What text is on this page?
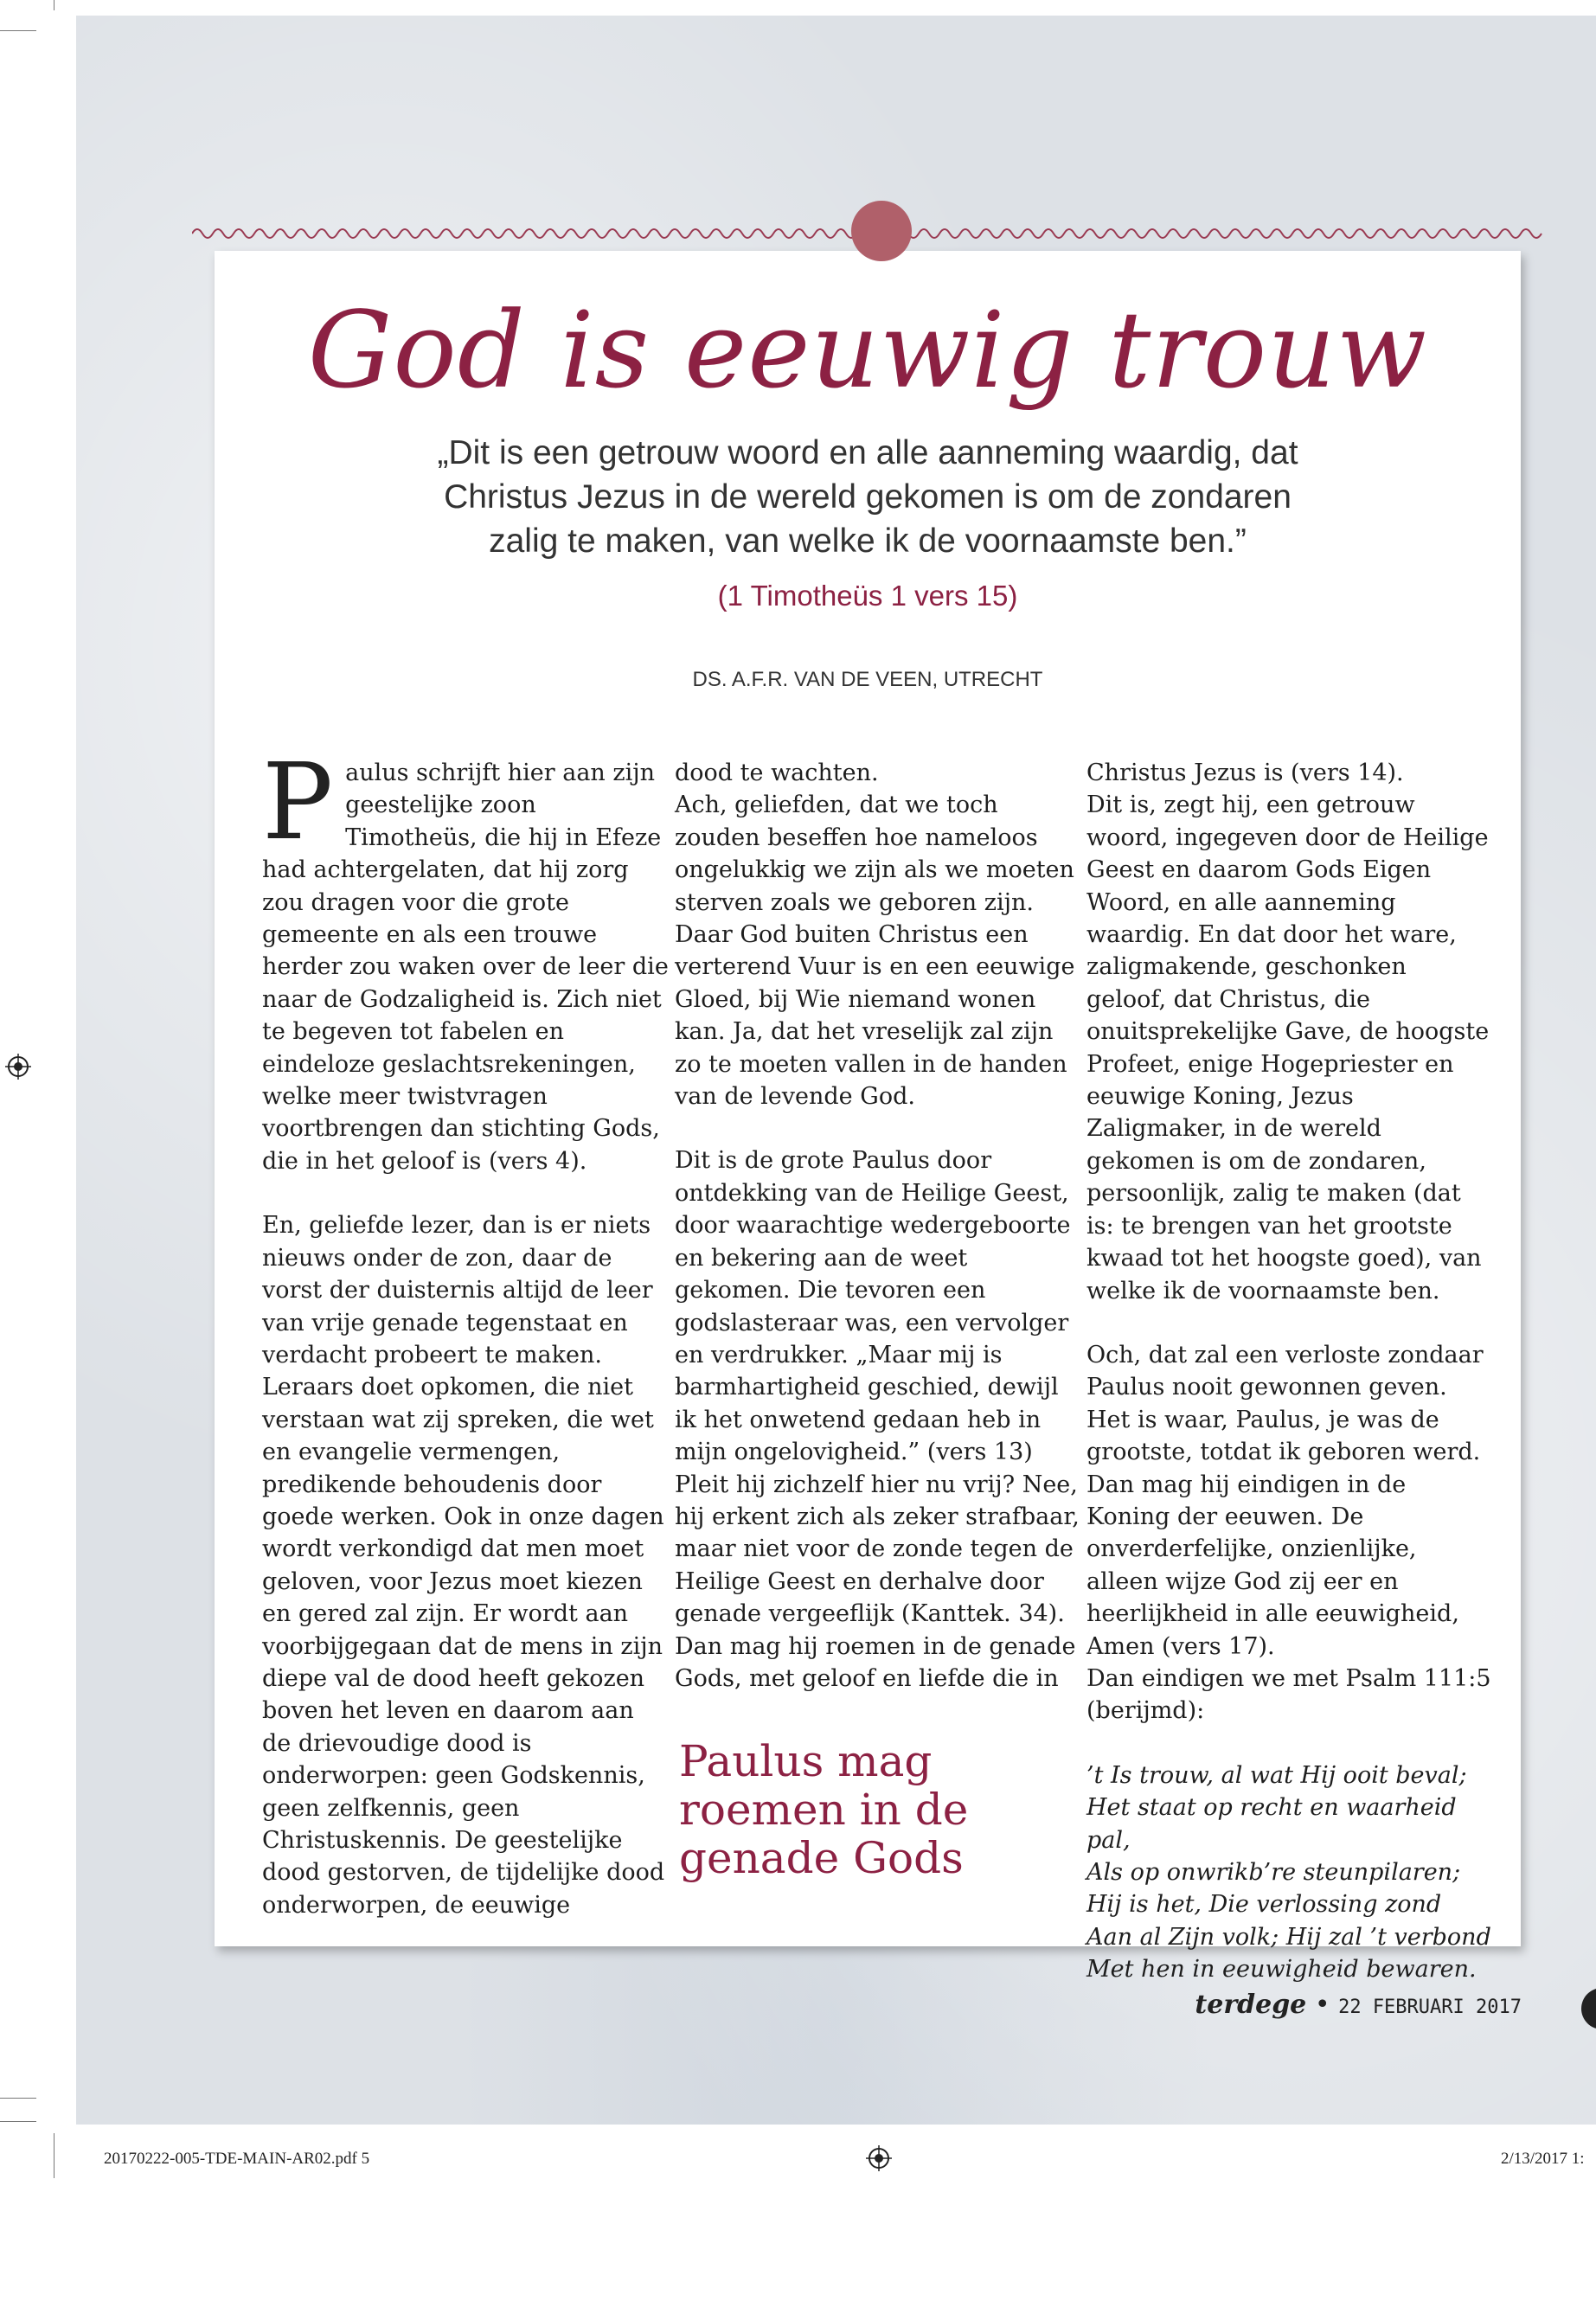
God is eeuwig trouw
„Dit is een getrouw woord en alle aanneming waardig, dat
Christus Jezus in de wereld gekomen is om de zondaren
zalig te maken, van welke ik de voornaamste ben.”
(1 Timotheüs 1 vers 15)
DS. A.F.R. VAN DE VEEN, UTRECHT

Paulus schrijft hier aan zijn geestelijke zoon Timotheüs, die hij in Efeze had achtergelaten, dat hij zorg zou dragen voor die grote gemeente en als een trouwe herder zou waken over de leer die naar de Godzaligheid is. Zich niet te begeven tot fabelen en eindeloze geslachtsrekeningen, welke meer twistvragen voortbrengen dan stichting Gods, die in het geloof is (vers 4).

En, geliefde lezer, dan is er niets nieuws onder de zon, daar de vorst der duisternis altijd de leer van vrije genade tegenstaat en verdacht probeert te maken. Leraars doet opkomen, die niet verstaan wat zij spreken, die wet en evangelie vermengen, predikende behoudenis door goede werken. Ook in onze dagen wordt verkondigd dat men moet geloven, voor Jezus moet kiezen en gered zal zijn. Er wordt aan voorbijgegaan dat de mens in zijn diepe val de dood heeft gekozen boven het leven en daarom aan de drievoudige dood is onderworpen: geen Godskennis, geen zelfkennis, geen Christuskennis. De geestelijke dood gestorven, de tijdelijke dood onderworpen, de eeuwige

dood te wachten.

Ach, geliefden, dat we toch zouden beseffen hoe nameloos ongelukkig we zijn als we moeten sterven zoals we geboren zijn. Daar God buiten Christus een verterend Vuur is en een eeuwige Gloed, bij Wie niemand wonen kan. Ja, dat het vreselijk zal zijn zo te moeten vallen in de handen van de levende God.

Dit is de grote Paulus door ontdekking van de Heilige Geest, door waarachtige wedergeboorte en bekering aan de weet gekomen. Die tevoren een godslasteraar was, een vervolger en verdrukker. „Maar mij is barmhartigheid geschied, dewijl ik het onwetend gedaan heb in mijn ongelovigheid.” (vers 13)

Pleit hij zichzelf hier nu vrij? Nee, hij erkent zich als zeker strafbaar, maar niet voor de zonde tegen de Heilige Geest en derhalve door genade vergeeflijk (Kanttek. 34). Dan mag hij roemen in de genade Gods, met geloof en liefde die in

Paulus mag roemen in de genade Gods

Christus Jezus is (vers 14).

Dit is, zegt hij, een getrouw woord, ingegeven door de Heilige Geest en daarom Gods Eigen Woord, en alle aanneming waardig. En dat door het ware, zaligmakende, geschonken geloof, dat Christus, die onuitsprekelijke Gave, de hoogste Profeet, enige Hogepriester en eeuwige Koning, Jezus Zaligmaker, in de wereld gekomen is om de zondaren, persoonlijk, zalig te maken (dat is: te brengen van het grootste kwaad tot het hoogste goed), van welke ik de voornaamste ben.

Och, dat zal een verloste zondaar Paulus nooit gewonnen geven. Het is waar, Paulus, je was de grootste, totdat ik geboren werd. Dan mag hij eindigen in de Koning der eeuwen. De onverderfelijke, onzienlijke, alleen wijze God zij eer en heerlijkheid in alle eeuwigheid, Amen (vers 17).

Dan eindigen we met Psalm 111:5 (berijmd):

’t Is trouw, al wat Hij ooit beval;
Het staat op recht en waarheid pal,
Als op onwrikb’re steunpilaren;
Hij is het, Die verlossing zond
Aan al Zijn volk; Hij zal ’t verbond
Met hen in eeuwigheid bewaren.
terdege • 22 FEBRUARI 2017
20170222-005-TDE-MAIN-AR02.pdf 5	2/13/2017 1:
